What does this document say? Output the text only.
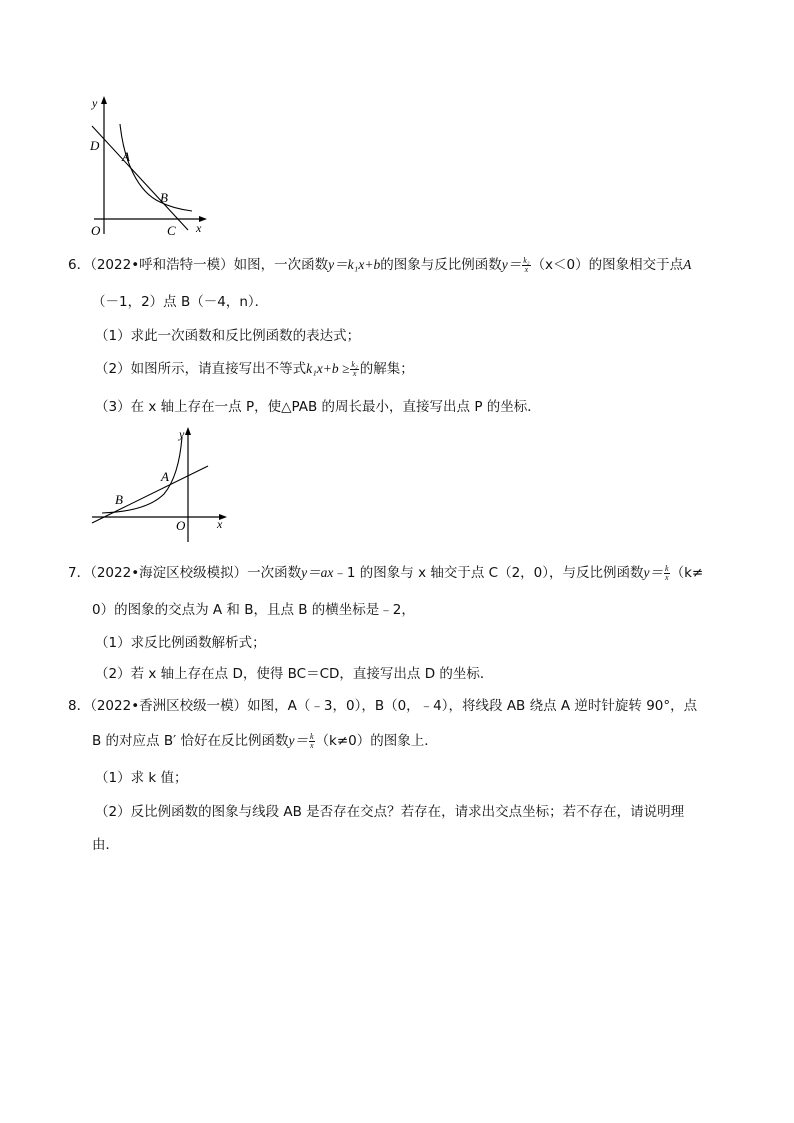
y
D
A
B
O	C x
6．（2022•呼和浩特一模）如图，一次函数y＝k₁x+b的图象与反比例函数$y= \frac{\text{k₂}}{x} (x<0)$的图象相交于点A
（－1，2）点 B（－4，n）．
（1）求此一次函数和反比例函数的表达式；
（2）如图所示，请直接写出不等式$k_1x+b \ge \frac{\text{k₂}}{x}$ 的解集；
（3）在 x 轴上存在一点 P，使△PAB 的周长最小，直接写出点 P 的坐标．
y
A
B
O	x
7．（2022•海淀区校级模拟）一次函数y＝ax﹣1 的图象与 x 轴交于点 C（2，0），与反比例函数$y= \frac{k}{x} (k\ne$
0）的图象的交点为 A 和 B，且点 B 的横坐标是﹣2，
（1）求反比例函数解析式；
（2）若 x 轴上存在点 D，使得 BC＝CD，直接写出点 D 的坐标．
8．（2022•香洲区校级一模）如图，A（﹣3，0），B（0，﹣4），将线段 AB 绕点 A 逆时针旋转 90°，点
B 的对应点 B′ 恰好在反比例函数$y= \frac{k}{x} (k\ne 0)$的图象上．
（1）求 k 值；
（2）反比例函数的图象与线段 AB 是否存在交点？若存在，请求出交点坐标；若不存在，请说明理
由．
